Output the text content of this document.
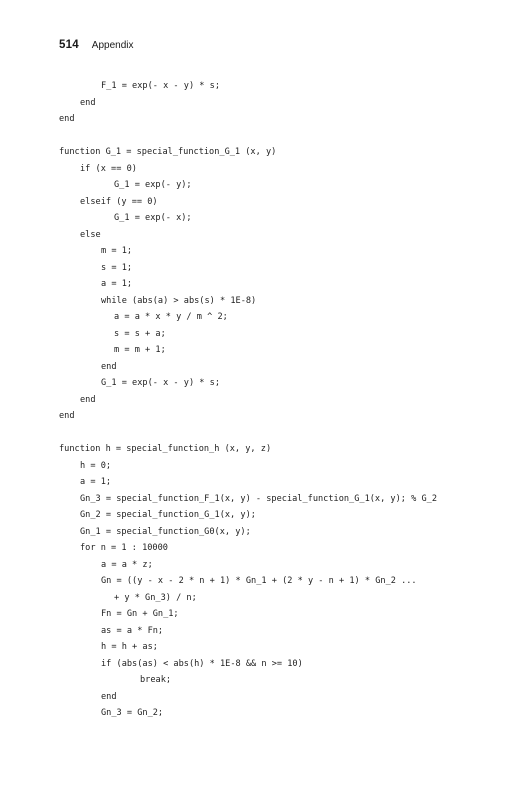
514 Appendix
F_1 = exp(- x - y) * s;
end
end
function G_1 = special_function_G_1 (x, y)
if (x == 0)
G_1 = exp(- y);
elseif (y == 0)
G_1 = exp(- x);
else
m = 1;
s = 1;
a = 1;
while (abs(a) > abs(s) * 1E-8)
a = a * x * y / m ^ 2;
s = s + a;
m = m + 1;
end
G_1 = exp(- x - y) * s;
end
end
function h = special_function_h (x, y, z)
h = 0;
a = 1;
Gn_3 = special_function_F_1(x, y) - special_function_G_1(x, y); % G_2
Gn_2 = special_function_G_1(x, y);
Gn_1 = special_function_G0(x, y);
for n = 1 : 10000
a = a * z;
Gn = ((y - x - 2 * n + 1) * Gn_1 + (2 * y - n + 1) * Gn_2 ...
+ y * Gn_3) / n;
Fn = Gn + Gn_1;
as = a * Fn;
h = h + as;
if (abs(as) < abs(h) * 1E-8 && n >= 10)
break;
end
Gn_3 = Gn_2;
